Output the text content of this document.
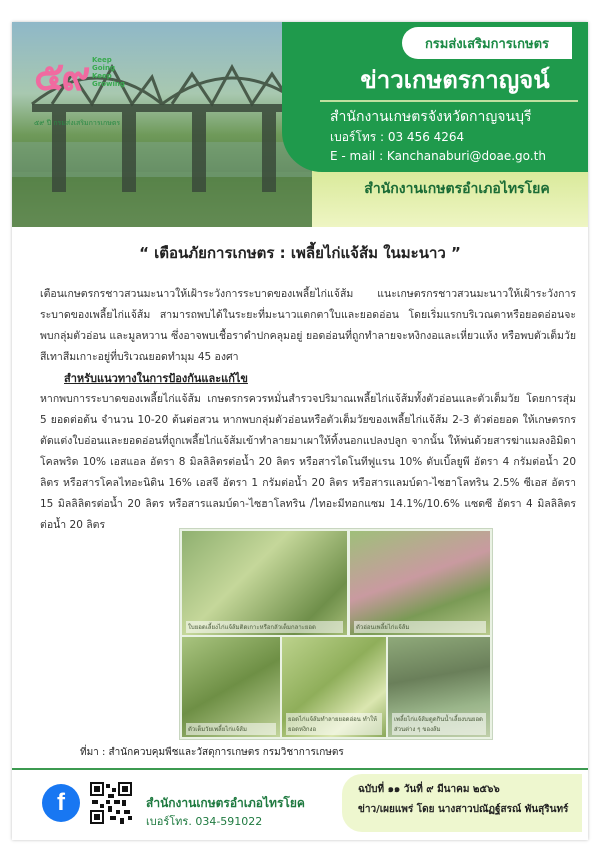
๕๙ Keep
Going
Keep
Growing
๕๙ ปี กรมส่งเสริมการเกษตร
กรมส่งเสริมการเกษตร
ข่าวเกษตรกาญจน์
สำนักงานเกษตรจังหวัดกาญจนบุรี
เบอร์โทร : 03 456 4264
E - mail : Kanchanaburi@doae.go.th
สำนักงานเกษตรอำเภอไทรโยค
“ เตือนภัยการเกษตร : เพลี้ยไก่แจ้ส้ม ในมะนาว ”
เตือนเกษตรกรชาวสวนมะนาวให้เฝ้าระวังการระบาดของเพลี้ยไก่แจ้ส้ม แนะเกษตรกรชาวสวนมะนาวให้เฝ้าระวังการระบาดของเพลี้ยไก่แจ้ส้ม สามารถพบได้ในระยะที่มะนาวแตกตาใบและยอดอ่อน โดยเริ่มแรกบริเวณตาหรือยอดอ่อนจะพบกลุ่มตัวอ่อน และมูลหวาน ซึ่งอาจพบเชื้อราดำปกคลุมอยู่ ยอดอ่อนที่ถูกทำลายจะหงิกงอและเหี่ยวแห้ง หรือพบตัวเต็มวัยสีเทาสีมเกาะอยู่ที่บริเวณยอดทำมุม 45 องศา
สำหรับแนวทางในการป้องกันและแก้ไข
หากพบการระบาดของเพลี้ยไก่แจ้ส้ม เกษตรกรควรหมั่นสำรวจปริมาณเพลี้ยไก่แจ้ส้มทั้งตัวอ่อนและตัวเต็มวัย โดยการสุ่ม 5 ยอดต่อต้น จำนวน 10-20 ต้นต่อสวน หากพบกลุ่มตัวอ่อนหรือตัวเต็มวัยของเพลี้ยไก่แจ้ส้ม 2-3 ตัวต่อยอด ให้เกษตรกรตัดแต่งใบอ่อนและยอดอ่อนที่ถูกเพลี้ยไก่แจ้ส้มเข้าทำลายมาเผาให้ทิ้งนอกแปลงปลูก จากนั้น ให้พ่นด้วยสารฆ่าแมลงอิมิดาโคลพริด 10% เอสแอล อัตรา 8 มิลลิลิตรต่อน้ำ 20 ลิตร หรือสารไดโนทีฟูแรน 10% ดับเบิ้ลยูพี อัตรา 4 กรัมต่อน้ำ 20 ลิตร หรือสารโคลไทอะนิดิน 16% เอสจี อัตรา 1 กรัมต่อน้ำ 20 ลิตร หรือสารแลมบ์ดา-ไซฮาโลทริน 2.5% ซีเอส อัตรา 15 มิลลิลิตรต่อน้ำ 20 ลิตร หรือสารแลมบ์ดา-ไซฮาโลทริน /ไทอะมีทอกแซม 14.1%/10.6% แซดซี อัตรา 4 มิลลิลิตรต่อน้ำ 20 ลิตร
ใบยอดเลี้ยงไก่แจ้ส้มติดเกาะหรือกลัวเต็มกลาะยอด	ตัวอ่อนเพลี้ยไก่แจ้ส้ม
ตัวเต็มวัยเพลี้ยไก่แจ้ส้ม
ยอดไก่แจ้ส้มทำลายยอดอ่อน ทำให้ยอดหงิกงอ
เพลี้ยไก่แจ้ส้มดูดกินน้ำเลี้ยงบนยอดส่วนต่าง ๆ ของส้ม
ที่มา : สำนักควบคุมพืชและวัสดุการเกษตร กรมวิชาการเกษตร
f	สำนักงานเกษตรอำเภอไทรโยค
เบอร์โทร. 034-591022
ฉบับที่ ๑๑ วันที่ ๙ มีนาคม ๒๕๖๖
ข่าว/เผยแพร่ โดย นางสาวปณัฏฐ์สรณ์ พันสุรินทร์
